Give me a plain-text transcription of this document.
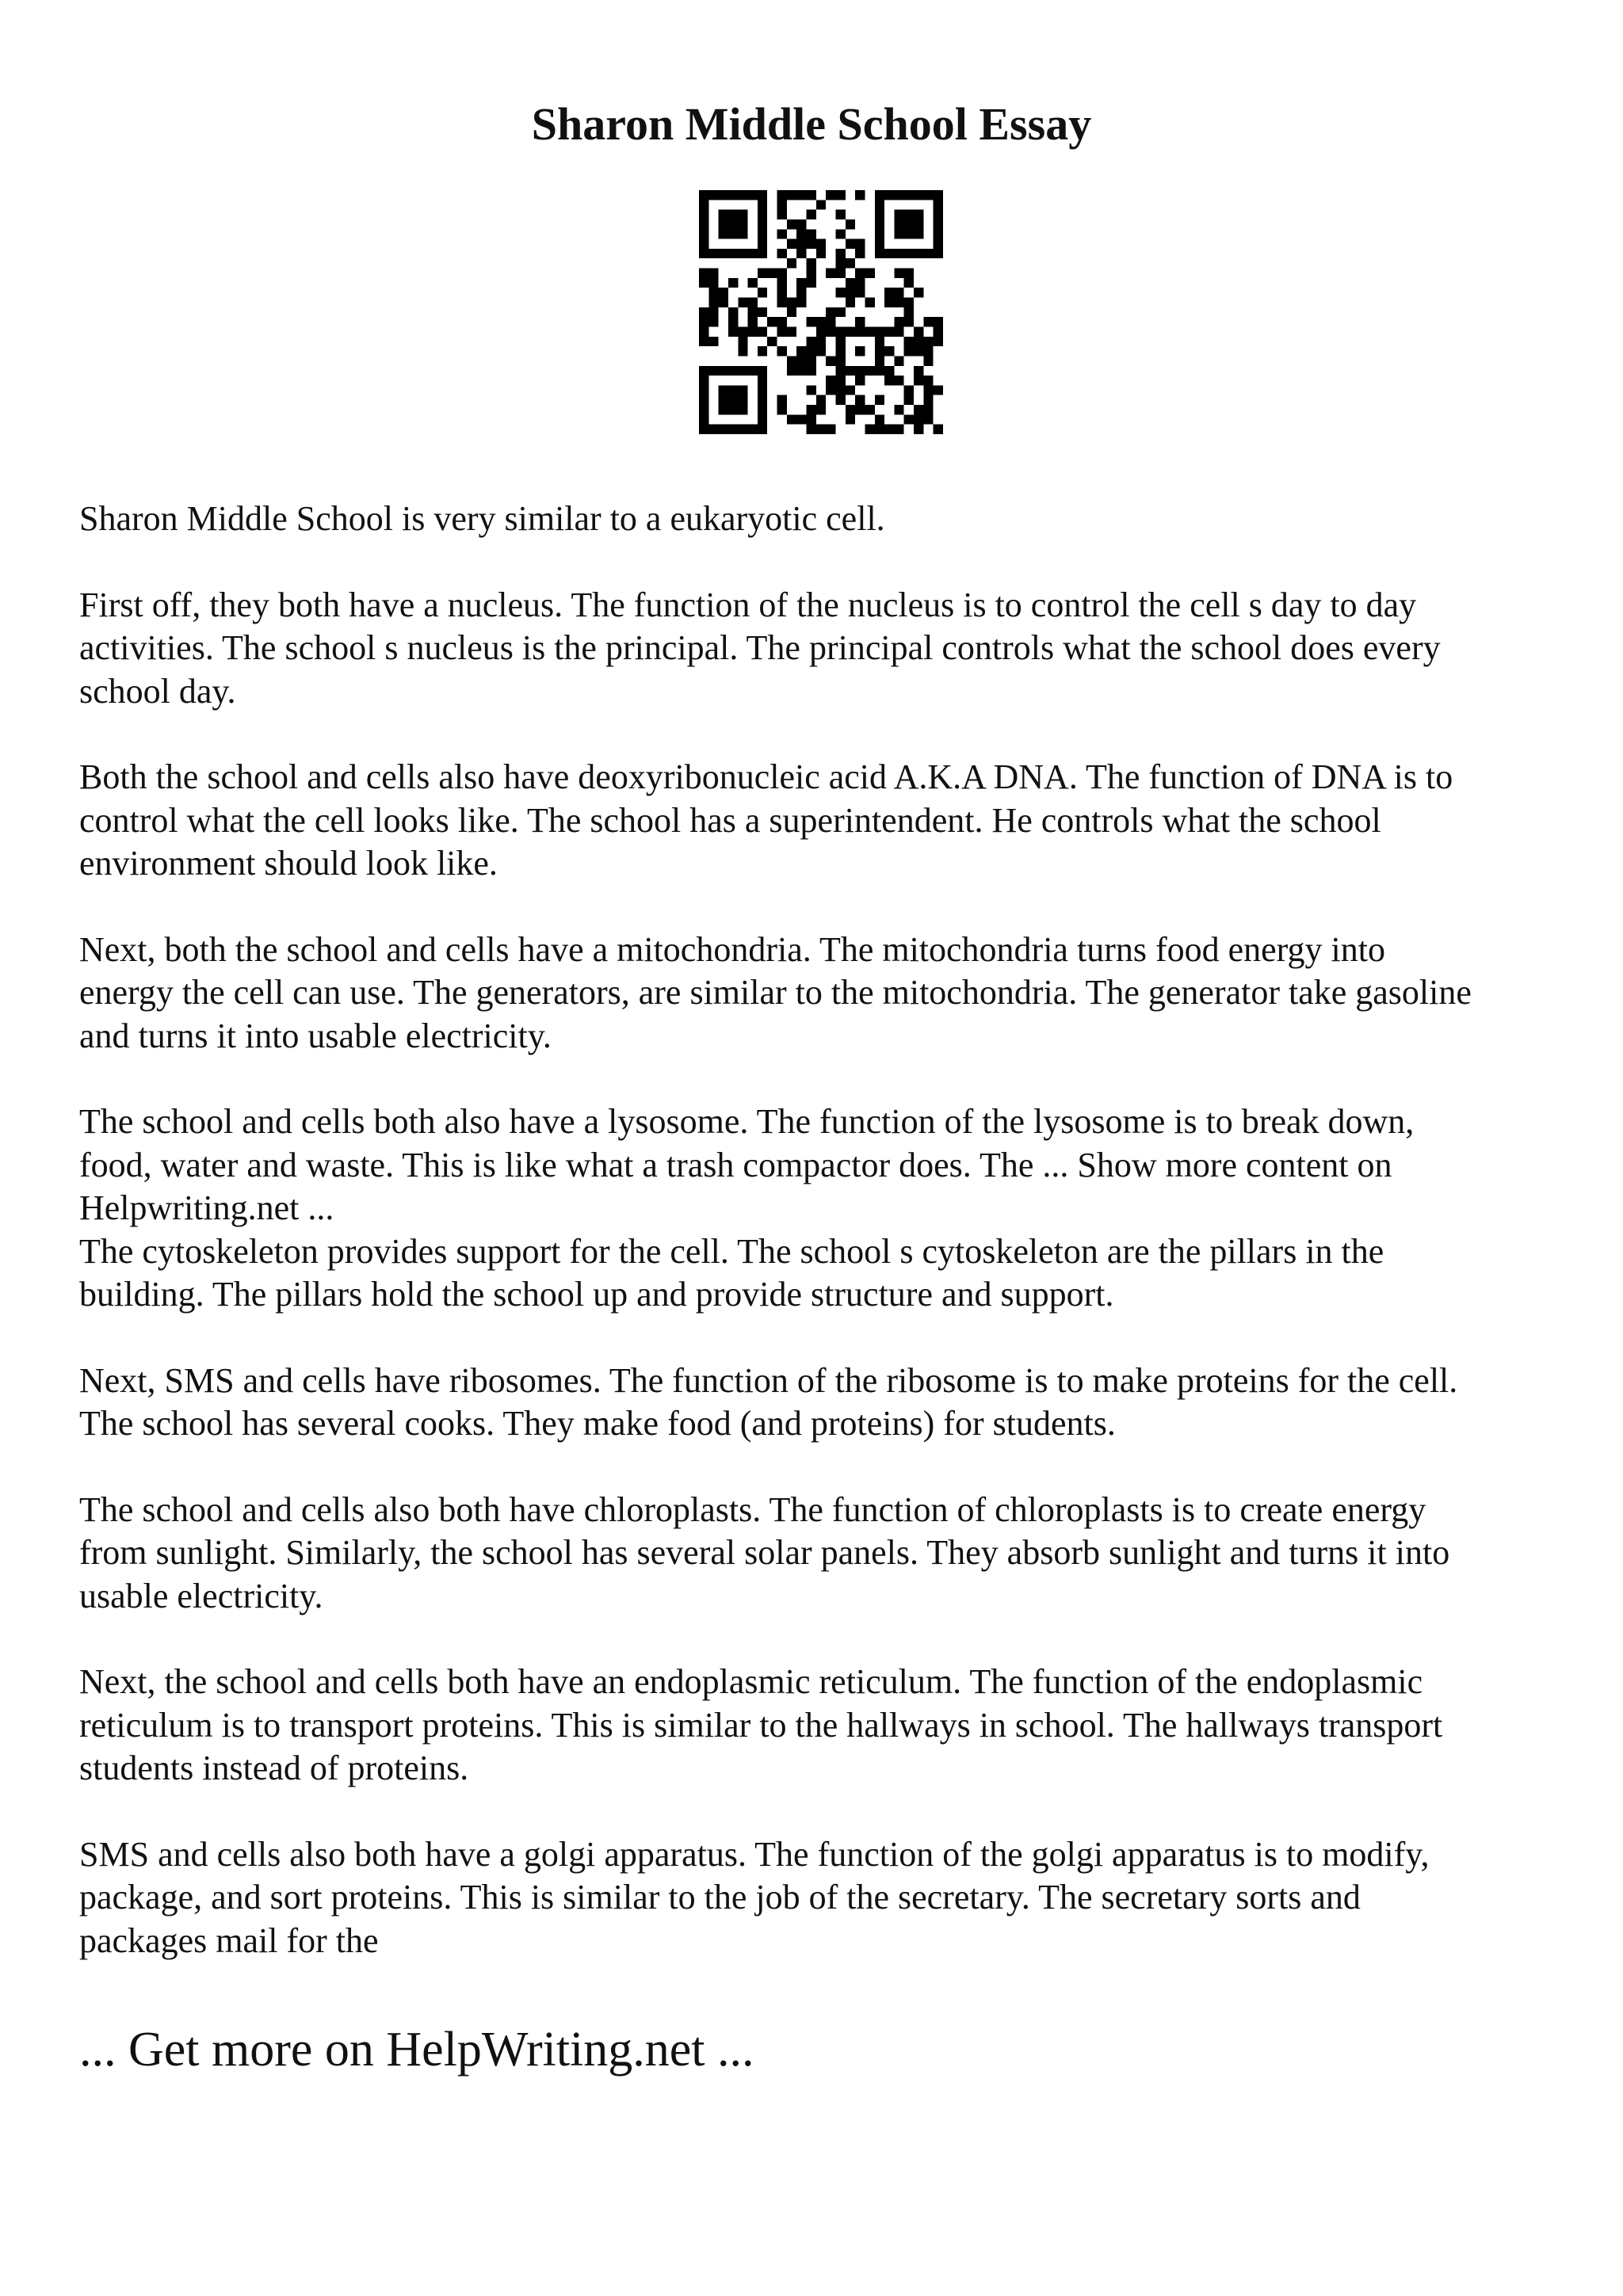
Sharon Middle School Essay

Sharon Middle School is very similar to a eukaryotic cell.

First off, they both have a nucleus. The function of the nucleus is to control the cell s day to day
activities. The school s nucleus is the principal. The principal controls what the school does every
school day.

Both the school and cells also have deoxyribonucleic acid A.K.A DNA. The function of DNA is to
control what the cell looks like. The school has a superintendent. He controls what the school
environment should look like.

Next, both the school and cells have a mitochondria. The mitochondria turns food energy into
energy the cell can use. The generators, are similar to the mitochondria. The generator take gasoline
and turns it into usable electricity.

The school and cells both also have a lysosome. The function of the lysosome is to break down,
food, water and waste. This is like what a trash compactor does. The ... Show more content on
Helpwriting.net ...

The cytoskeleton provides support for the cell. The school s cytoskeleton are the pillars in the
building. The pillars hold the school up and provide structure and support.

Next, SMS and cells have ribosomes. The function of the ribosome is to make proteins for the cell.
The school has several cooks. They make food (and proteins) for students.

The school and cells also both have chloroplasts. The function of chloroplasts is to create energy
from sunlight. Similarly, the school has several solar panels. They absorb sunlight and turns it into
usable electricity.

Next, the school and cells both have an endoplasmic reticulum. The function of the endoplasmic
reticulum is to transport proteins. This is similar to the hallways in school. The hallways transport
students instead of proteins.

SMS and cells also both have a golgi apparatus. The function of the golgi apparatus is to modify,
package, and sort proteins. This is similar to the job of the secretary. The secretary sorts and
packages mail for the

... Get more on HelpWriting.net ...
